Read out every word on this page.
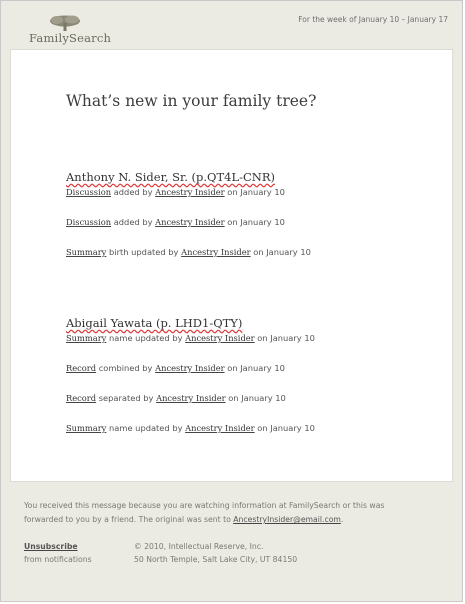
FamilySearch
For the week of January 10 – January 17
What’s new in your family tree?
Anthony N. Sider, Sr. (p.QT4L-CNR)
Discussion added by Ancestry Insider on January 10
Discussion added by Ancestry Insider on January 10
Summary birth updated by Ancestry Insider on January 10
Abigail Yawata (p. LHD1-QTY)
Summary name updated by Ancestry Insider on January 10
Record combined by Ancestry Insider on January 10
Record separated by Ancestry Insider on January 10
Summary name updated by Ancestry Insider on January 10
You received this message because you are watching information at FamilySearch or this was
forwarded to you by a friend. The original was sent to AncestryInsider@email.com.
Unsubscribe
from notifications
© 2010, Intellectual Reserve, Inc.
50 North Temple, Salt Lake City, UT 84150
